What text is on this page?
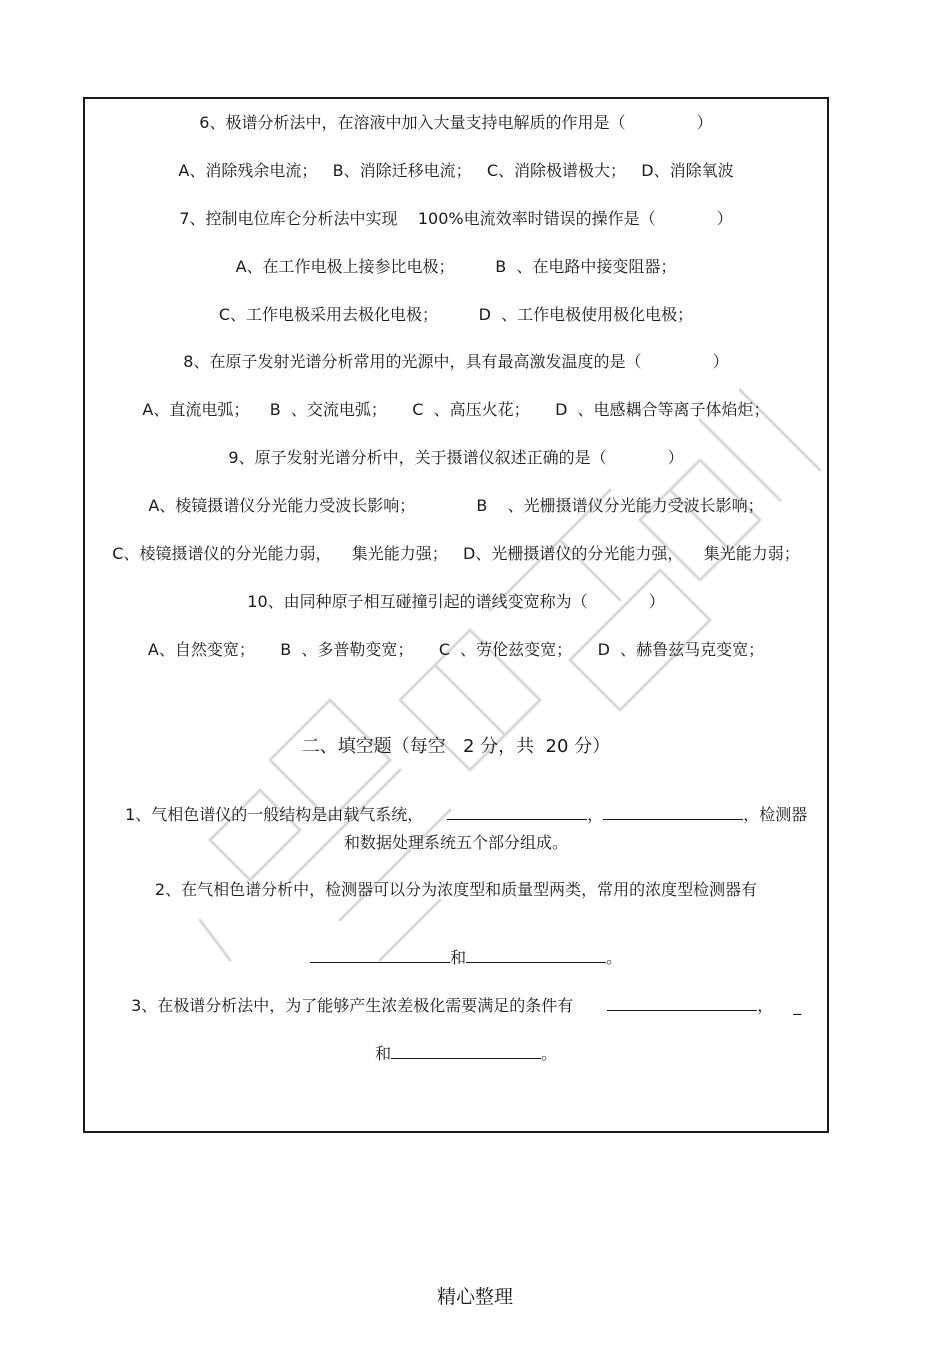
6、极谱分析法中，在溶液中加入大量支持电解质的作用是（              ）
A、消除残余电流；   B、消除迁移电流；   C、消除极谱极大；   D、消除氧波
7、控制电位库仑分析法中实现    100%电流效率时错误的操作是（            ）
A、在工作电极上接参比电极；        B  、在电路中接变阻器；
C、工作电极采用去极化电极；        D  、工作电极使用极化电极；
8、在原子发射光谱分析常用的光源中，具有最高激发温度的是（              ）
A、直流电弧；    B  、交流电弧；     C  、高压火花；     D  、电感耦合等离子体焰炬；
9、原子发射光谱分析中，关于摄谱仪叙述正确的是（            ）
A、棱镜摄谱仪分光能力受波长影响；            B    、光栅摄谱仪分光能力受波长影响；
C、棱镜摄谱仪的分光能力弱，    集光能力强；   D、光栅摄谱仪的分光能力强，    集光能力弱；
10、由同种原子相互碰撞引起的谱线变宽称为（            ）
A、自然变宽；     B  、多普勒变宽；     C  、劳伦兹变宽；     D  、赫鲁兹马克变宽；
二、填空题（每空   2 分，共  20 分）

1、气相色谱仪的一般结构是由载气系统，	，	，检测器

和数据处理系统五个部分组成。
2、在气相色谱分析中，检测器可以分为浓度型和质量型两类，常用的浓度型检测器有

和	。

3、在极谱分析法中，为了能够产生浓差极化需要满足的条件有	， _

和	。

精心整理
